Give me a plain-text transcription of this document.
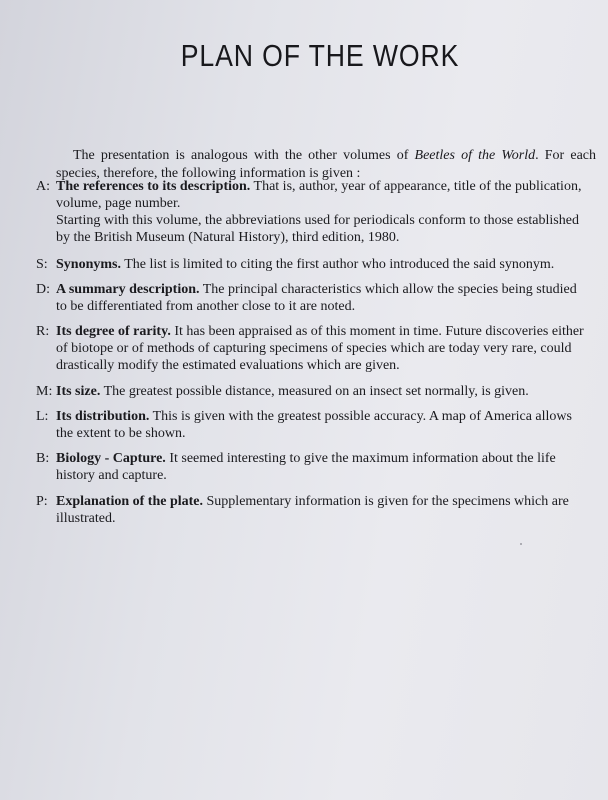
PLAN OF THE WORK

The presentation is analogous with the other volumes of Beetles of the World. For each species, therefore, the following information is given :

A: The references to its description. That is, author, year of appearance, title of the publication, volume, page number.
Starting with this volume, the abbreviations used for periodicals conform to those established by the British Museum (Natural History), third edition, 1980.
S: Synonyms. The list is limited to citing the first author who introduced the said synonym.
D: A summary description. The principal characteristics which allow the species being studied to be differentiated from another close to it are noted.
R: Its degree of rarity. It has been appraised as of this moment in time. Future discoveries either of biotope or of methods of capturing specimens of species which are today very rare, could drastically modify the estimated evaluations which are given.
M: Its size. The greatest possible distance, measured on an insect set normally, is given.
L: Its distribution. This is given with the greatest possible accuracy. A map of America allows the extent to be shown.
B: Biology - Capture. It seemed interesting to give the maximum information about the life history and capture.
P: Explanation of the plate. Supplementary information is given for the specimens which are illustrated.
